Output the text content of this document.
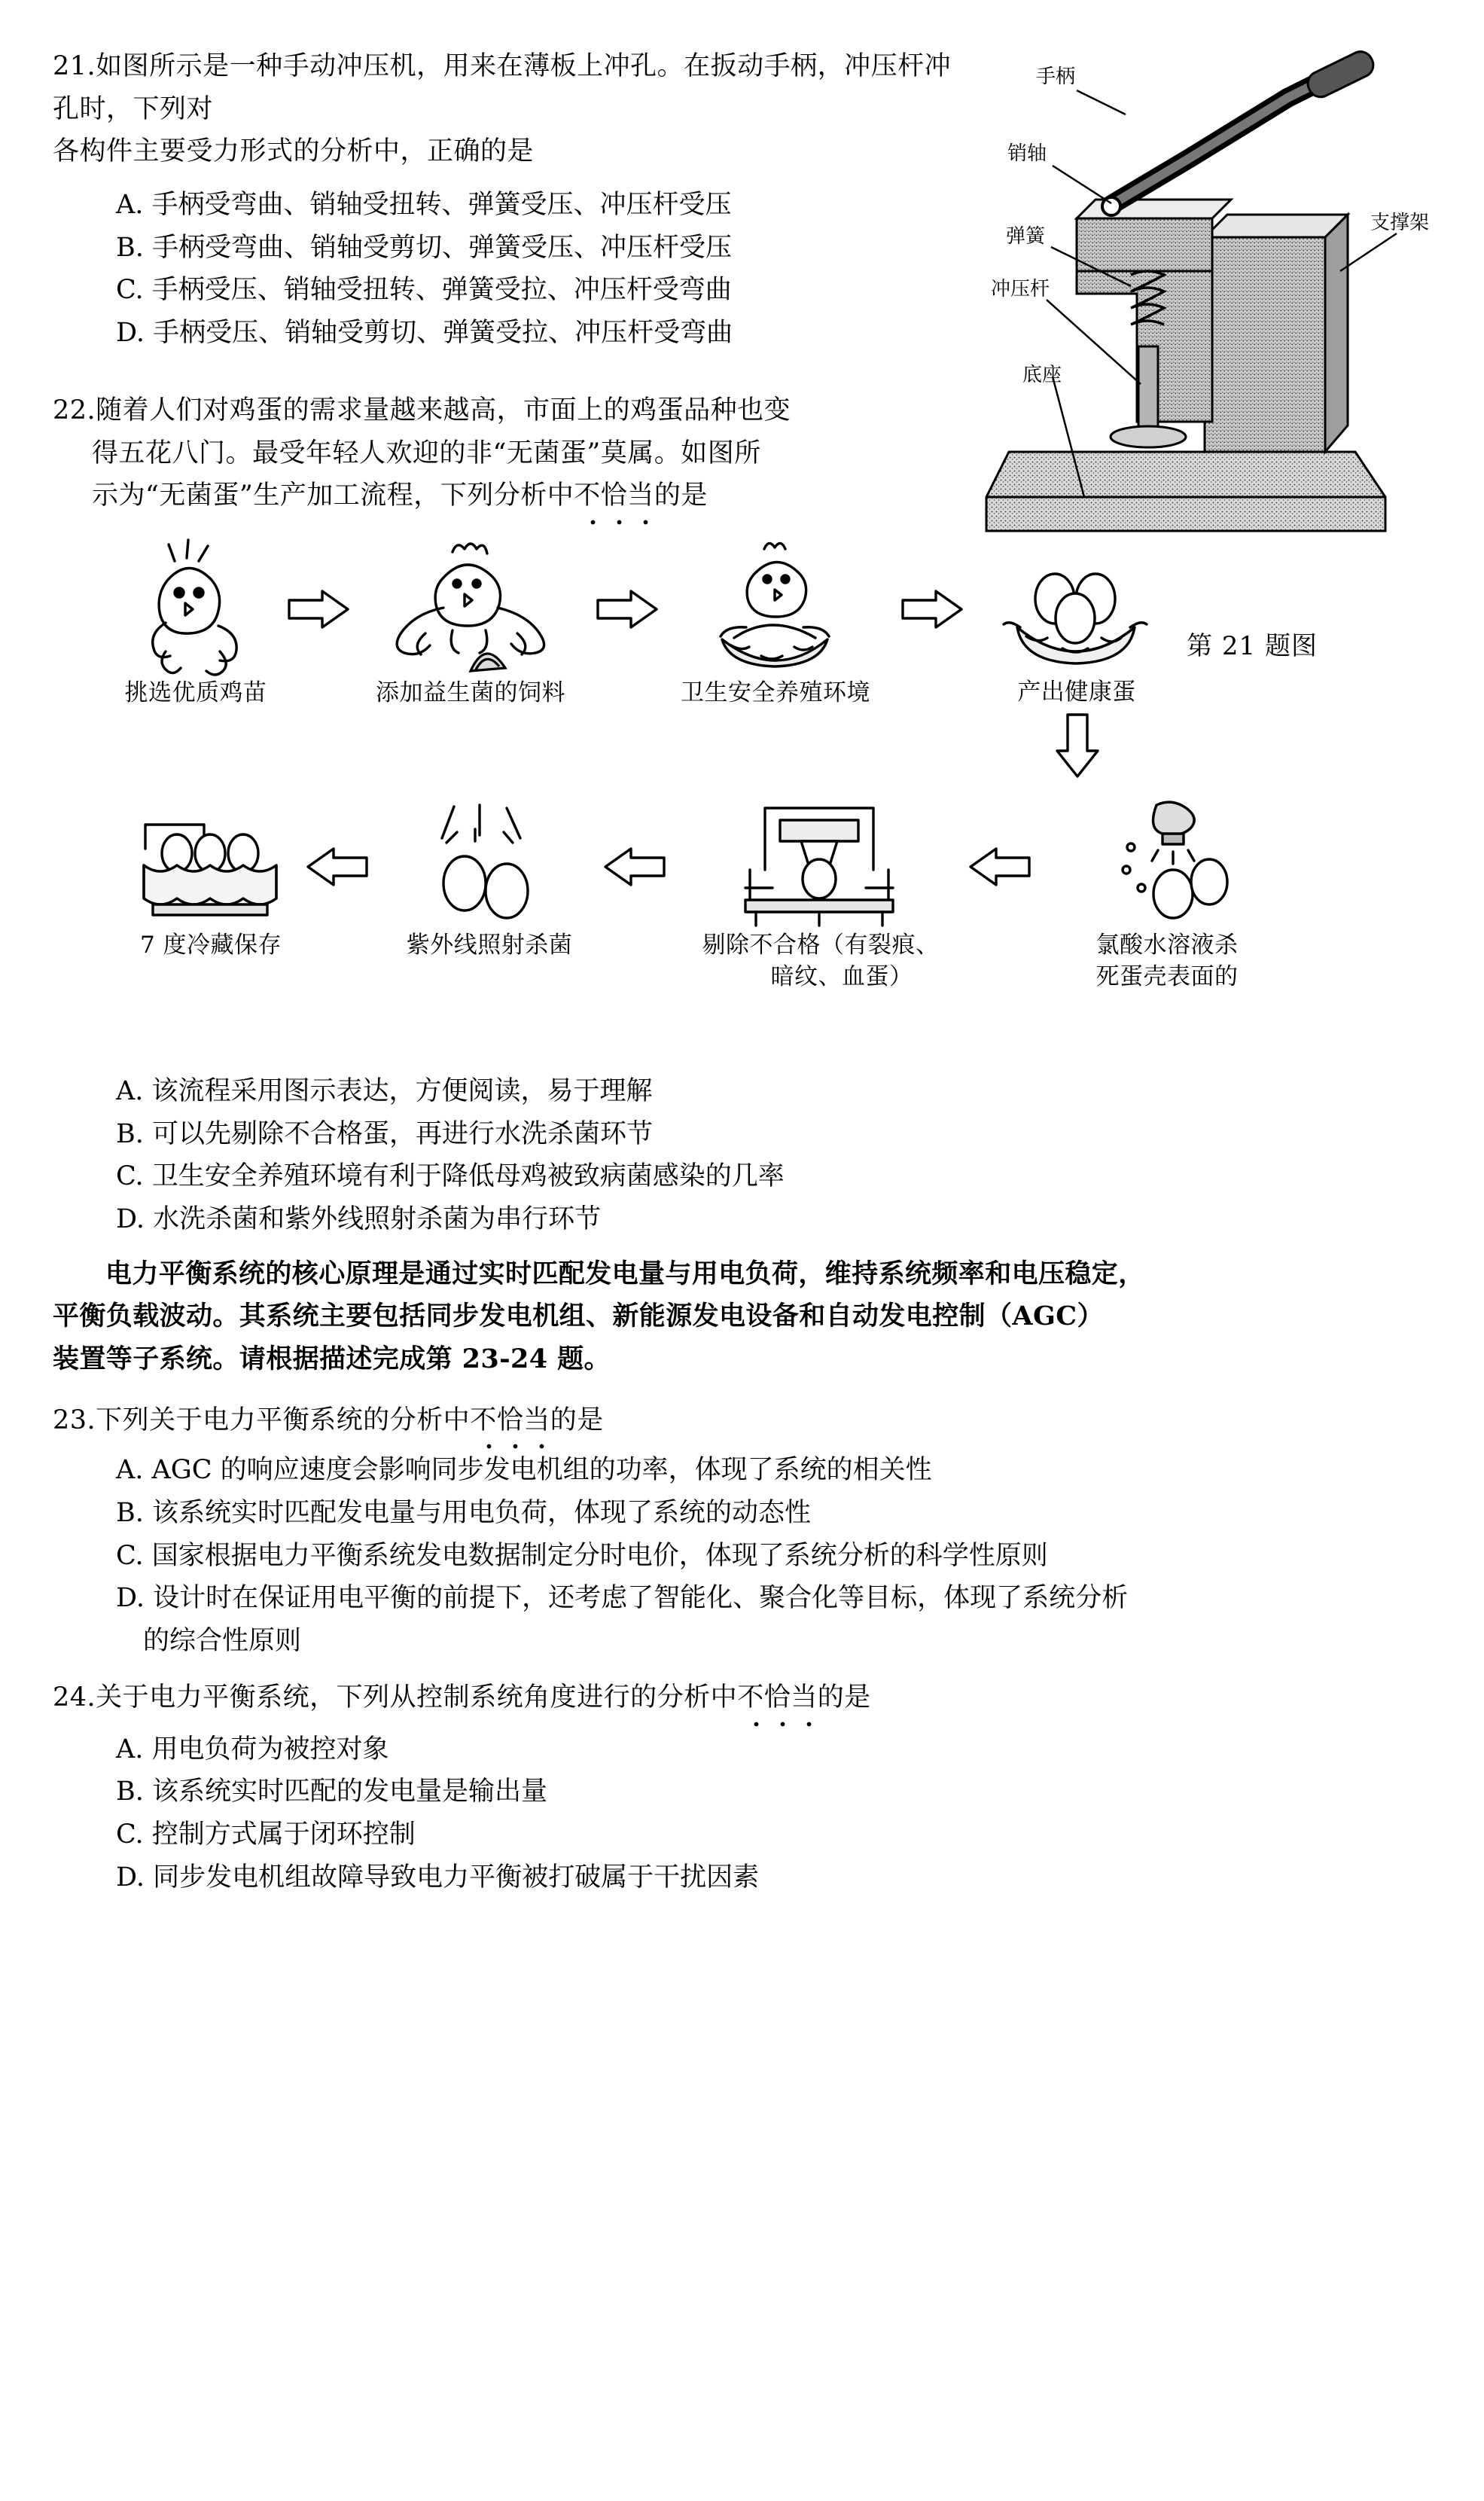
21.如图所示是一种手动冲压机，用来在薄板上冲孔。在扳动手柄，冲压杆冲孔时，下列对
各构件主要受力形式的分析中，正确的是
A. 手柄受弯曲、销轴受扭转、弹簧受压、冲压杆受压
B. 手柄受弯曲、销轴受剪切、弹簧受压、冲压杆受压
C. 手柄受压、销轴受扭转、弹簧受拉、冲压杆受弯曲
D. 手柄受压、销轴受剪切、弹簧受拉、冲压杆受弯曲
手柄
销轴
弹簧
冲压杆
支撑架
底座
第 21 题图
22.随着人们对鸡蛋的需求量越来越高，市面上的鸡蛋品种也变
得五花八门。最受年轻人欢迎的非“无菌蛋”莫属。如图所
示为“无菌蛋”生产加工流程，下列分析中不恰当的是
挑选优质鸡苗	添加益生菌的饲料	卫生安全养殖环境	产出健康蛋
7 度冷藏保存	紫外线照射杀菌	剔除不合格（有裂痕、
暗纹、血蛋）
氯酸水溶液杀
死蛋壳表面的
A. 该流程采用图示表达，方便阅读，易于理解
B. 可以先剔除不合格蛋，再进行水洗杀菌环节
C. 卫生安全养殖环境有利于降低母鸡被致病菌感染的几率
D. 水洗杀菌和紫外线照射杀菌为串行环节
电力平衡系统的核心原理是通过实时匹配发电量与用电负荷，维持系统频率和电压稳定，
平衡负载波动。其系统主要包括同步发电机组、新能源发电设备和自动发电控制（AGC）
装置等子系统。请根据描述完成第 23-24 题。
23.下列关于电力平衡系统的分析中不恰当的是
A. AGC 的响应速度会影响同步发电机组的功率，体现了系统的相关性
B. 该系统实时匹配发电量与用电负荷，体现了系统的动态性
C. 国家根据电力平衡系统发电数据制定分时电价，体现了系统分析的科学性原则
D. 设计时在保证用电平衡的前提下，还考虑了智能化、聚合化等目标，体现了系统分析
的综合性原则
24.关于电力平衡系统，下列从控制系统角度进行的分析中不恰当的是
A. 用电负荷为被控对象
B. 该系统实时匹配的发电量是输出量
C. 控制方式属于闭环控制
D. 同步发电机组故障导致电力平衡被打破属于干扰因素
